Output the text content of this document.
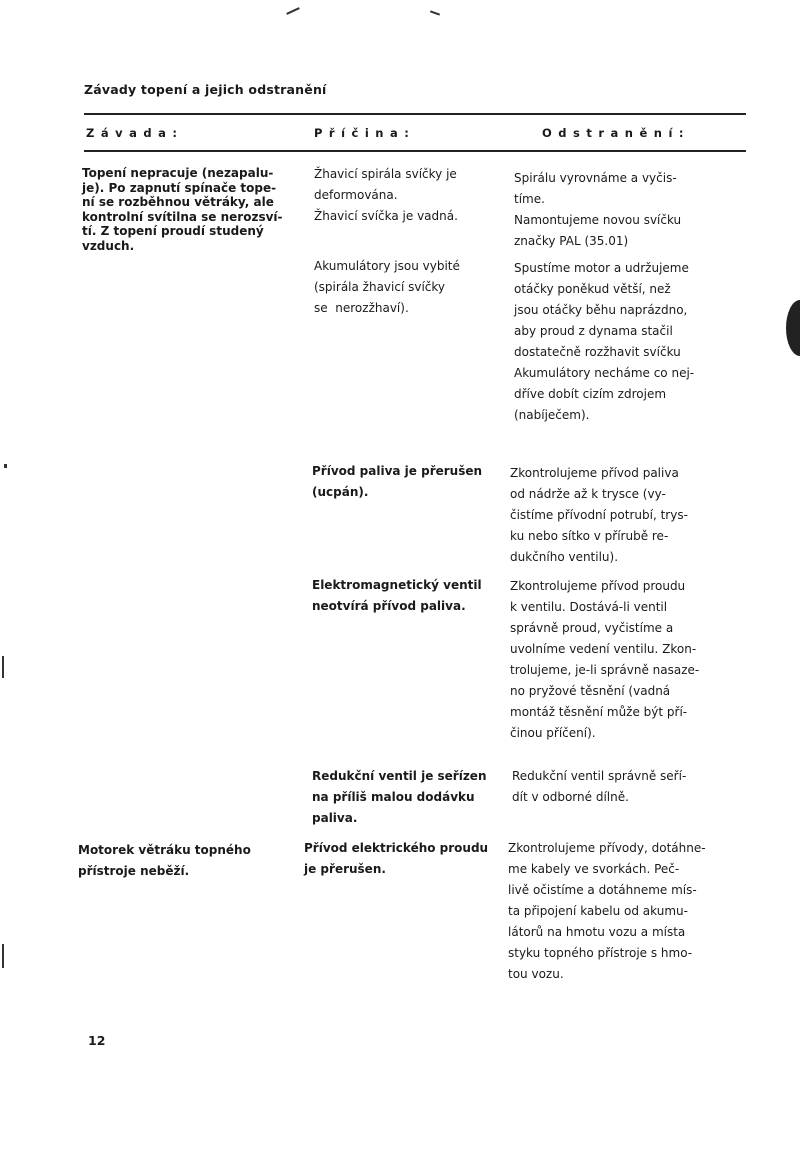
Závady topení a jejich odstranění
Závada:	Příčina:	Odstranění:
Topení nepracuje (nezapalu-
je). Po zapnutí spínače tope-
ní se rozběhnou větráky, ale
kontrolní svítilna se nerozsví-
tí. Z topení proudí studený
vzduch.
Žhavicí spirála svíčky je
deformována.
Žhavicí svíčka je vadná.
Spirálu vyrovnáme a vyčis-
tíme.
Namontujeme novou svíčku
značky PAL (35.01)
Akumulátory jsou vybité
(spirála žhavicí svíčky
se  nerozžhaví).
Spustíme motor a udržujeme
otáčky poněkud větší, než
jsou otáčky běhu naprázdno,
aby proud z dynama stačil
dostatečně rozžhavit svíčku
Akumulátory necháme co nej-
dříve dobít cizím zdrojem
(nabíječem).
Přívod paliva je přerušen
(ucpán).
Zkontrolujeme přívod paliva
od nádrže až k trysce (vy-
čistíme přívodní potrubí, trys-
ku nebo sítko v přírubě re-
dukčního ventilu).
Elektromagnetický ventil
neotvírá přívod paliva.
Zkontrolujeme přívod proudu
k ventilu. Dostává-li ventil
správně proud, vyčistíme a
uvolníme vedení ventilu. Zkon-
trolujeme, je-li správně nasaze-
no pryžové těsnění (vadná
montáž těsnění může být pří-
činou příčení).
Redukční ventil je seřízen
na příliš malou dodávku
paliva.
Redukční ventil správně seří-
dít v odborné dílně.
Motorek větráku topného
přístroje neběží.
Přívod elektrického proudu
je přerušen.
Zkontrolujeme přívody, dotáhne-
me kabely ve svorkách. Peč-
livě očistíme a dotáhneme mís-
ta připojení kabelu od akumu-
látorů na hmotu vozu a místa
styku topného přístroje s hmo-
tou vozu.
12
